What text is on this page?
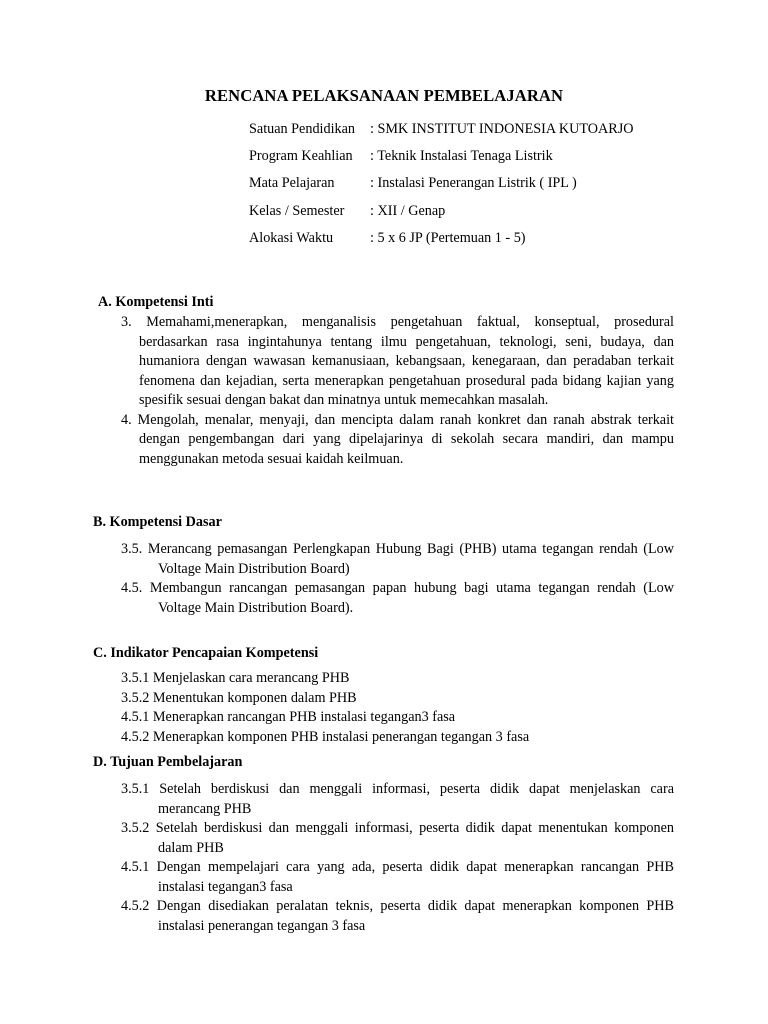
RENCANA PELAKSANAAN PEMBELAJARAN
Satuan Pendidikan	: SMK INSTITUT INDONESIA KUTOARJO
Program Keahlian	: Teknik Instalasi Tenaga Listrik
Mata Pelajaran	: Instalasi Penerangan Listrik ( IPL )
Kelas / Semester	: XII / Genap
Alokasi Waktu	: 5 x 6 JP (Pertemuan 1 - 5)
A. Kompetensi Inti
3. Memahami,menerapkan, menganalisis pengetahuan faktual, konseptual, prosedural berdasarkan rasa ingintahunya tentang ilmu pengetahuan, teknologi, seni, budaya, dan humaniora dengan wawasan kemanusiaan, kebangsaan, kenegaraan, dan peradaban terkait fenomena dan kejadian, serta menerapkan pengetahuan prosedural pada bidang kajian yang spesifik sesuai dengan bakat dan minatnya untuk memecahkan masalah.
4. Mengolah, menalar, menyaji, dan mencipta dalam ranah konkret dan ranah abstrak terkait dengan pengembangan dari yang dipelajarinya di sekolah secara mandiri, dan mampu menggunakan metoda sesuai kaidah keilmuan.
B. Kompetensi Dasar
3.5. Merancang pemasangan Perlengkapan Hubung Bagi (PHB) utama tegangan rendah (Low Voltage Main Distribution Board)
4.5. Membangun rancangan pemasangan papan hubung bagi utama tegangan rendah (Low Voltage Main Distribution Board).
C. Indikator Pencapaian Kompetensi
3.5.1 Menjelaskan cara merancang PHB
3.5.2 Menentukan komponen dalam PHB
4.5.1 Menerapkan rancangan PHB instalasi tegangan3 fasa
4.5.2 Menerapkan komponen PHB instalasi penerangan tegangan 3 fasa
D. Tujuan Pembelajaran
3.5.1 Setelah berdiskusi dan menggali informasi, peserta didik dapat menjelaskan cara merancang PHB
3.5.2 Setelah berdiskusi dan menggali informasi, peserta didik dapat menentukan komponen dalam PHB
4.5.1 Dengan mempelajari cara yang ada, peserta didik dapat menerapkan rancangan PHB instalasi tegangan3 fasa
4.5.2 Dengan disediakan peralatan teknis, peserta didik dapat menerapkan komponen PHB instalasi penerangan tegangan 3 fasa
